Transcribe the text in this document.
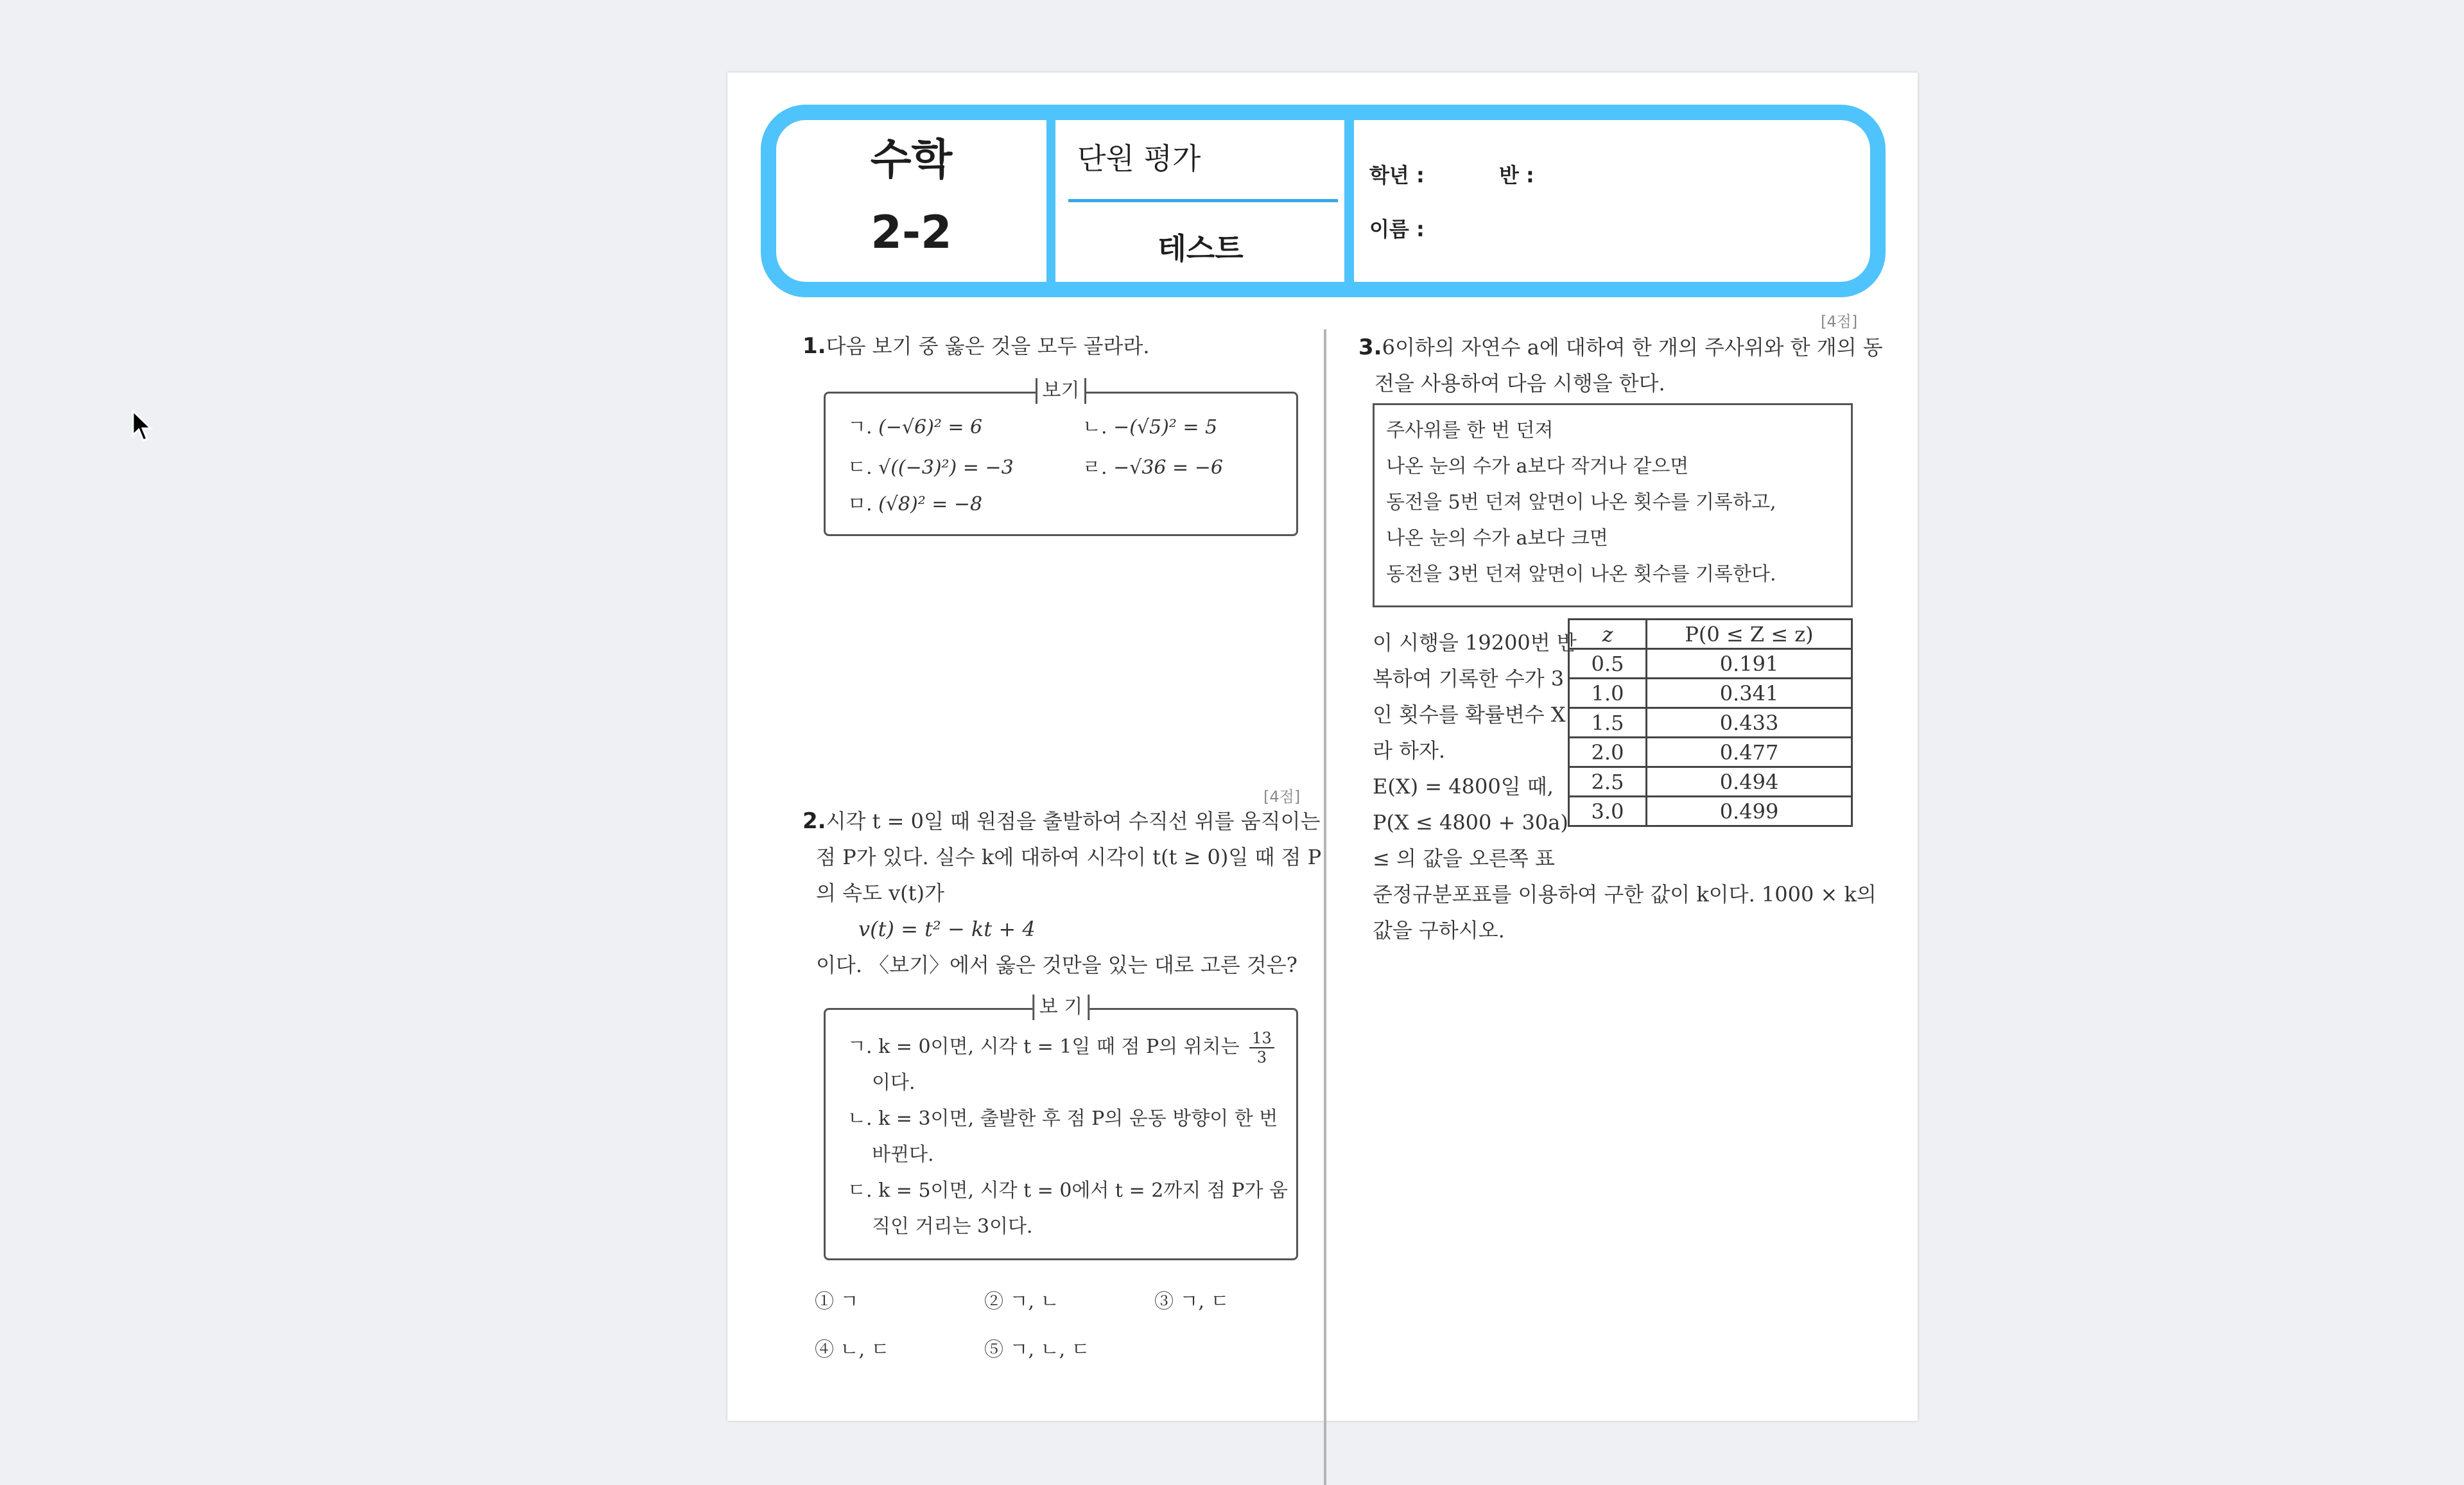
수학
2-2
단원 평가
테스트
학년 :	반 :
이름 :
1.다음 보기 중 옳은 것을 모두 골라라.
보기
ㄱ. (−√6)² = 6	ㄴ. −(√5)² = 5
ㄷ. √((−3)²) = −3	ㄹ. −√36 = −6
ㅁ. (√8)² = −8
[4점]
2.시각 t = 0일 때 원점을 출발하여 수직선 위를 움직이는
점 P가 있다. 실수 k에 대하여 시각이 t(t ≥ 0)일 때 점 P
의 속도 v(t)가
v(t) = t² − kt + 4
이다. 〈보기〉에서 옳은 것만을 있는 대로 고른 것은?
보 기
ㄱ. k = 0이면, 시각 t = 1일 때 점 P의 위치는 $\frac{13}{3}$
이다.
ㄴ. k = 3이면, 출발한 후 점 P의 운동 방향이 한 번
바뀐다.
ㄷ. k = 5이면, 시각 t = 0에서 t = 2까지 점 P가 움
직인 거리는 3이다.
① ㄱ	② ㄱ, ㄴ	③ ㄱ, ㄷ
④ ㄴ, ㄷ	⑤ ㄱ, ㄴ, ㄷ
[4점]
3.6이하의 자연수 a에 대하여 한 개의 주사위와 한 개의 동
전을 사용하여 다음 시행을 한다.
주사위를 한 번 던져
나온 눈의 수가 a보다 작거나 같으면
동전을 5번 던져 앞면이 나온 횟수를 기록하고,
나온 눈의 수가 a보다 크면
동전을 3번 던져 앞면이 나온 횟수를 기록한다.
이 시행을 19200번 반
복하여 기록한 수가 3
인 횟수를 확률변수 X
라 하자.
E(X) = 4800일 때,
P(X ≤ 4800 + 30a)
≤ 의 값을 오른쪽 표
준정규분포표를 이용하여 구한 값이 k이다. 1000 × k의
값을 구하시오.
z	P(0 ≤ Z ≤ z)
0.5	0.191
1.0	0.341
1.5	0.433
2.0	0.477
2.5	0.494
3.0	0.499
